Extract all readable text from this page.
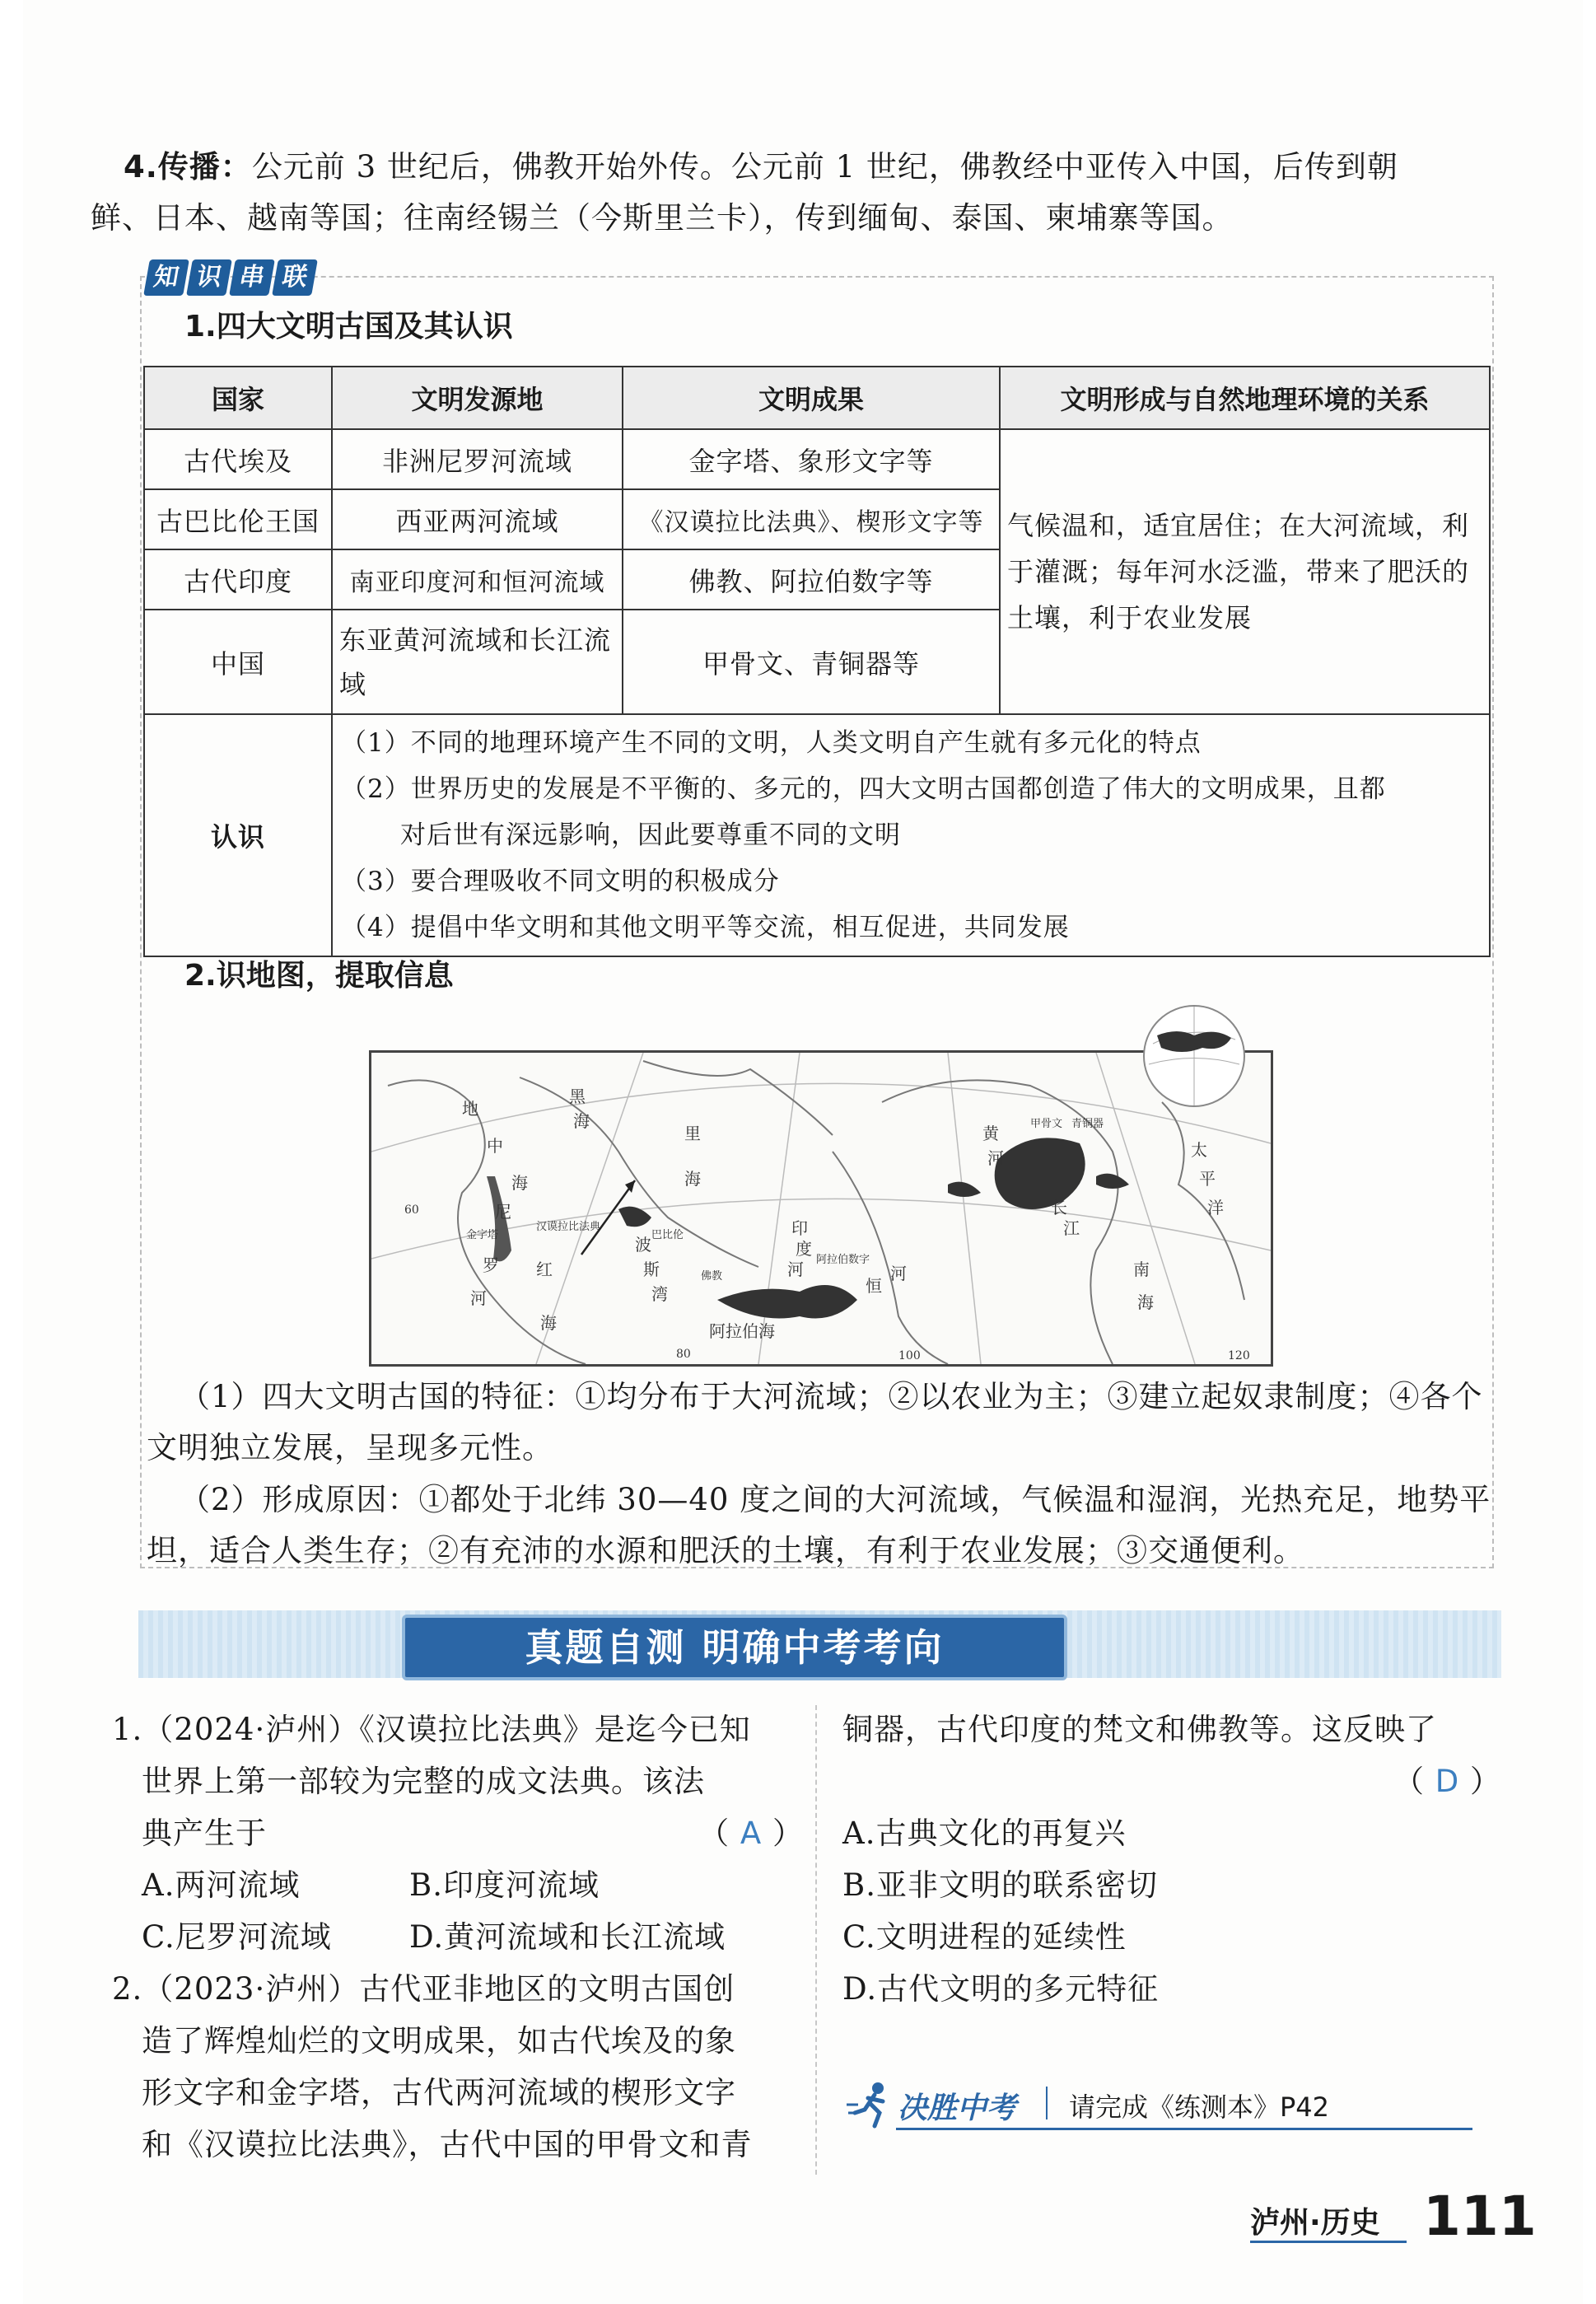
4.传播：公元前 3 世纪后，佛教开始外传。公元前 1 世纪，佛教经中亚传入中国，后传到朝
鲜、日本、越南等国；往南经锡兰（今斯里兰卡），传到缅甸、泰国、柬埔寨等国。
知 识 串 联
1.四大文明古国及其认识
国家	文明发源地	文明成果	文明形成与自然地理环境的关系
古代埃及	非洲尼罗河流域	金字塔、象形文字等	气候温和，适宜居住；在大河流域，利于灌溉；每年河水泛滥，带来了肥沃的土壤，利于农业发展
古巴比伦王国	西亚两河流域	《汉谟拉比法典》、楔形文字等	
古代印度	南亚印度河和恒河流域	佛教、阿拉伯数字等	
中国	东亚黄河流域和长江流域	甲骨文、青铜器等	
认识	（1）不同的地理环境产生不同的文明，人类文明自产生就有多元化的特点
（2）世界历史的发展是不平衡的、多元的，四大文明古国都创造了伟大的文明成果，且都
对后世有深远影响，因此要尊重不同的文明
（3）要合理吸收不同文明的积极成分
（4）提倡中华文明和其他文明平等交流，相互促进，共同发展		
2.识地图，提取信息
地
中
海
黑
海
里
海
黄
河
长
江
太
平
洋
南
海
尼
罗
河
红
海
波
斯
湾
印
度
河
恒
河
阿拉伯海
金字塔	巴比伦
汉谟拉比法典
佛教
阿拉伯数字
甲骨文 青铜器
60
80	100	120
（1）四大文明古国的特征：①均分布于大河流域；②以农业为主；③建立起奴隶制度；④各个
文明独立发展，呈现多元性。
（2）形成原因：①都处于北纬 30—40 度之间的大河流域，气候温和湿润，光热充足，地势平
坦，适合人类生存；②有充沛的水源和肥沃的土壤，有利于农业发展；③交通便利。
真题自测 明确中考考向
1.（2024·泸州）《汉谟拉比法典》是迄今已知
世界上第一部较为完整的成文法典。该法
典产生于	（ A ）
A.两河流域	B.印度河流域
C.尼罗河流域	D.黄河流域和长江流域
2.（2023·泸州）古代亚非地区的文明古国创
造了辉煌灿烂的文明成果，如古代埃及的象
形文字和金字塔，古代两河流域的楔形文字
和《汉谟拉比法典》，古代中国的甲骨文和青
铜器，古代印度的梵文和佛教等。这反映了
（ D ）
A.古典文化的再复兴
B.亚非文明的联系密切
C.文明进程的延续性
D.古代文明的多元特征
决胜中考 请完成《练测本》P42
泸州·历史 111
